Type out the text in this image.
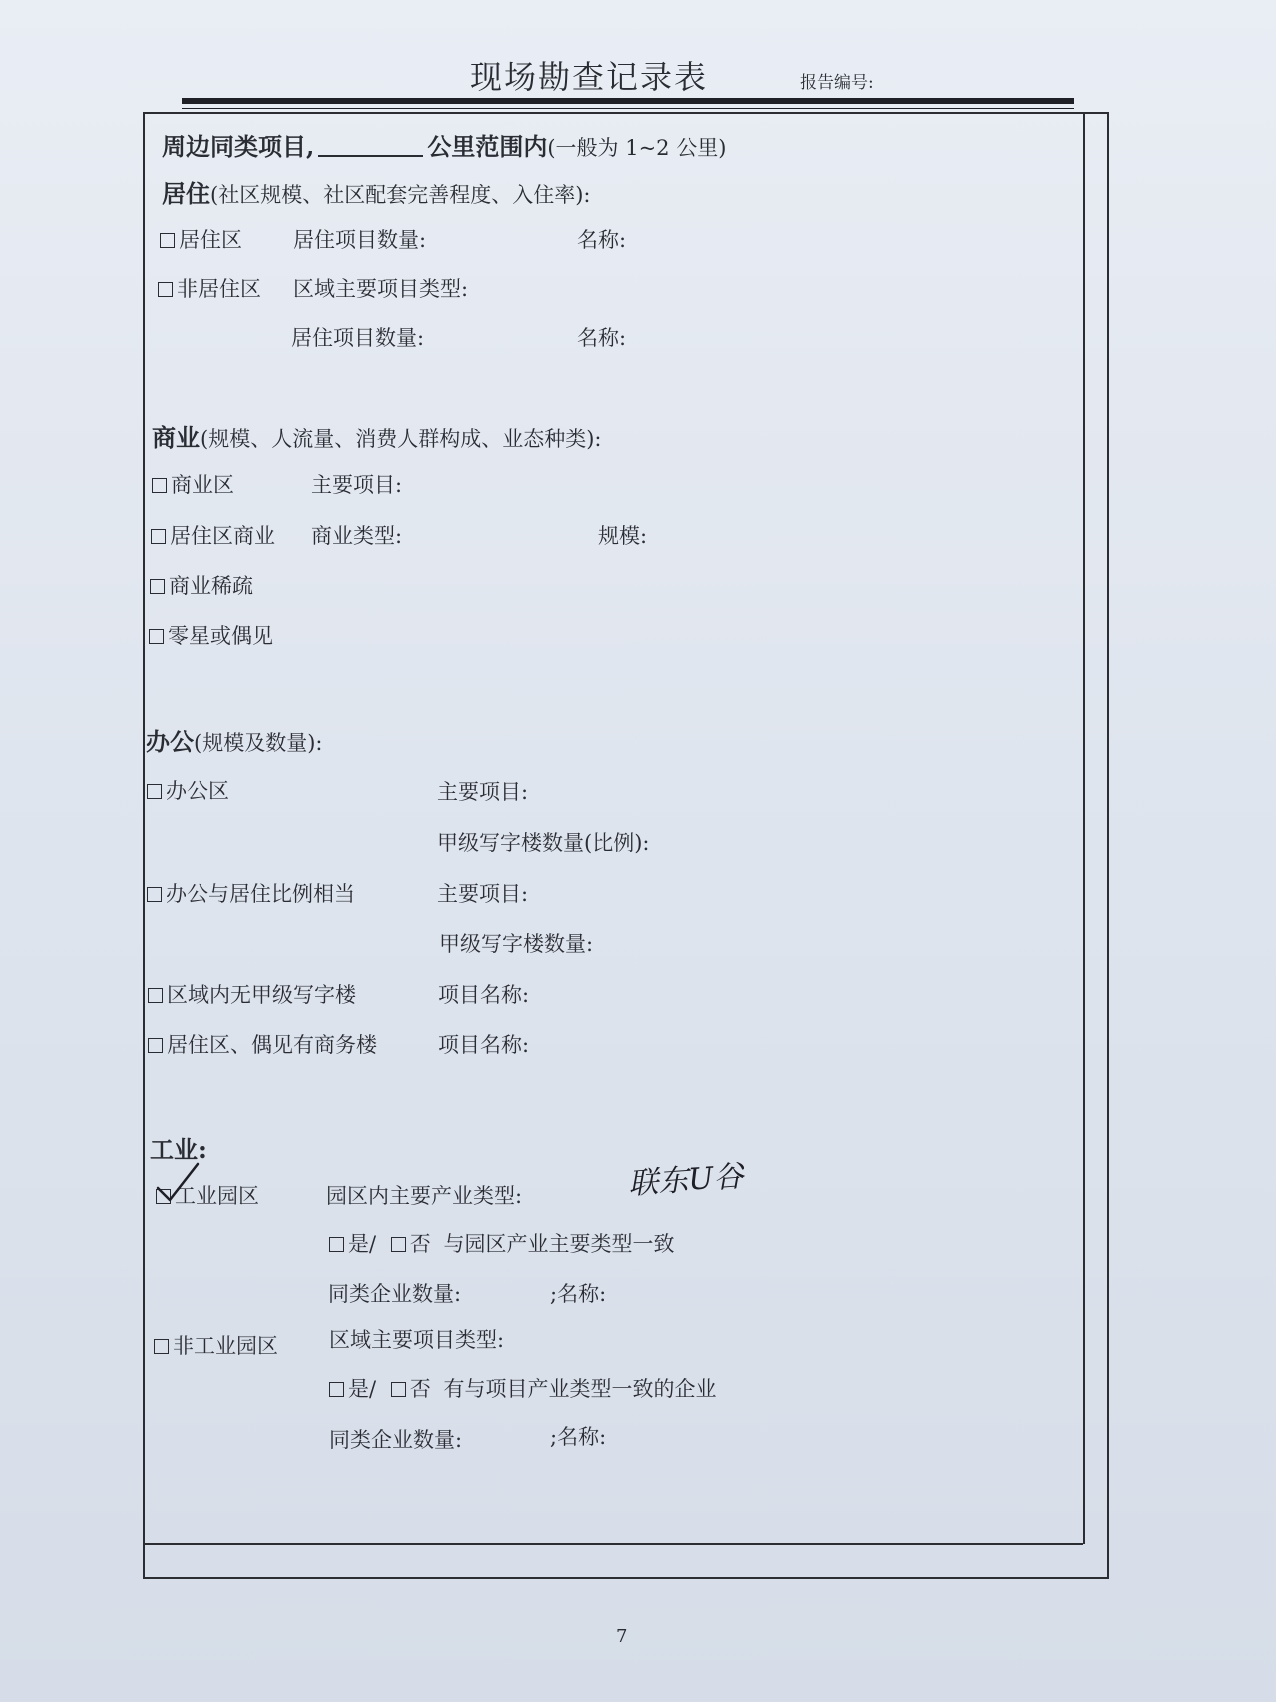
现场勘查记录表	报告编号:
周边同类项目,	公里范围内(一般为 1~2 公里)
居住(社区规模、社区配套完善程度、入住率):
居住区 居住项目数量:	名称:
非居住区 区域主要项目类型:
居住项目数量:	名称:
商业(规模、人流量、消费人群构成、业态种类):
商业区	主要项目:
居住区商业 商业类型:	规模:
商业稀疏
零星或偶见
办公(规模及数量):
办公区	主要项目:
甲级写字楼数量(比例):
办公与居住比例相当	主要项目:
甲级写字楼数量:
区域内无甲级写字楼	项目名称:
居住区、偶见有商务楼	项目名称:
工业:
工业园区	园区内主要产业类型:	联东U谷
是/ 否 与园区产业主要类型一致
同类企业数量:	;名称:
非工业园区 区域主要项目类型:
是/ 否 有与项目产业类型一致的企业
同类企业数量:	;名称:
7
